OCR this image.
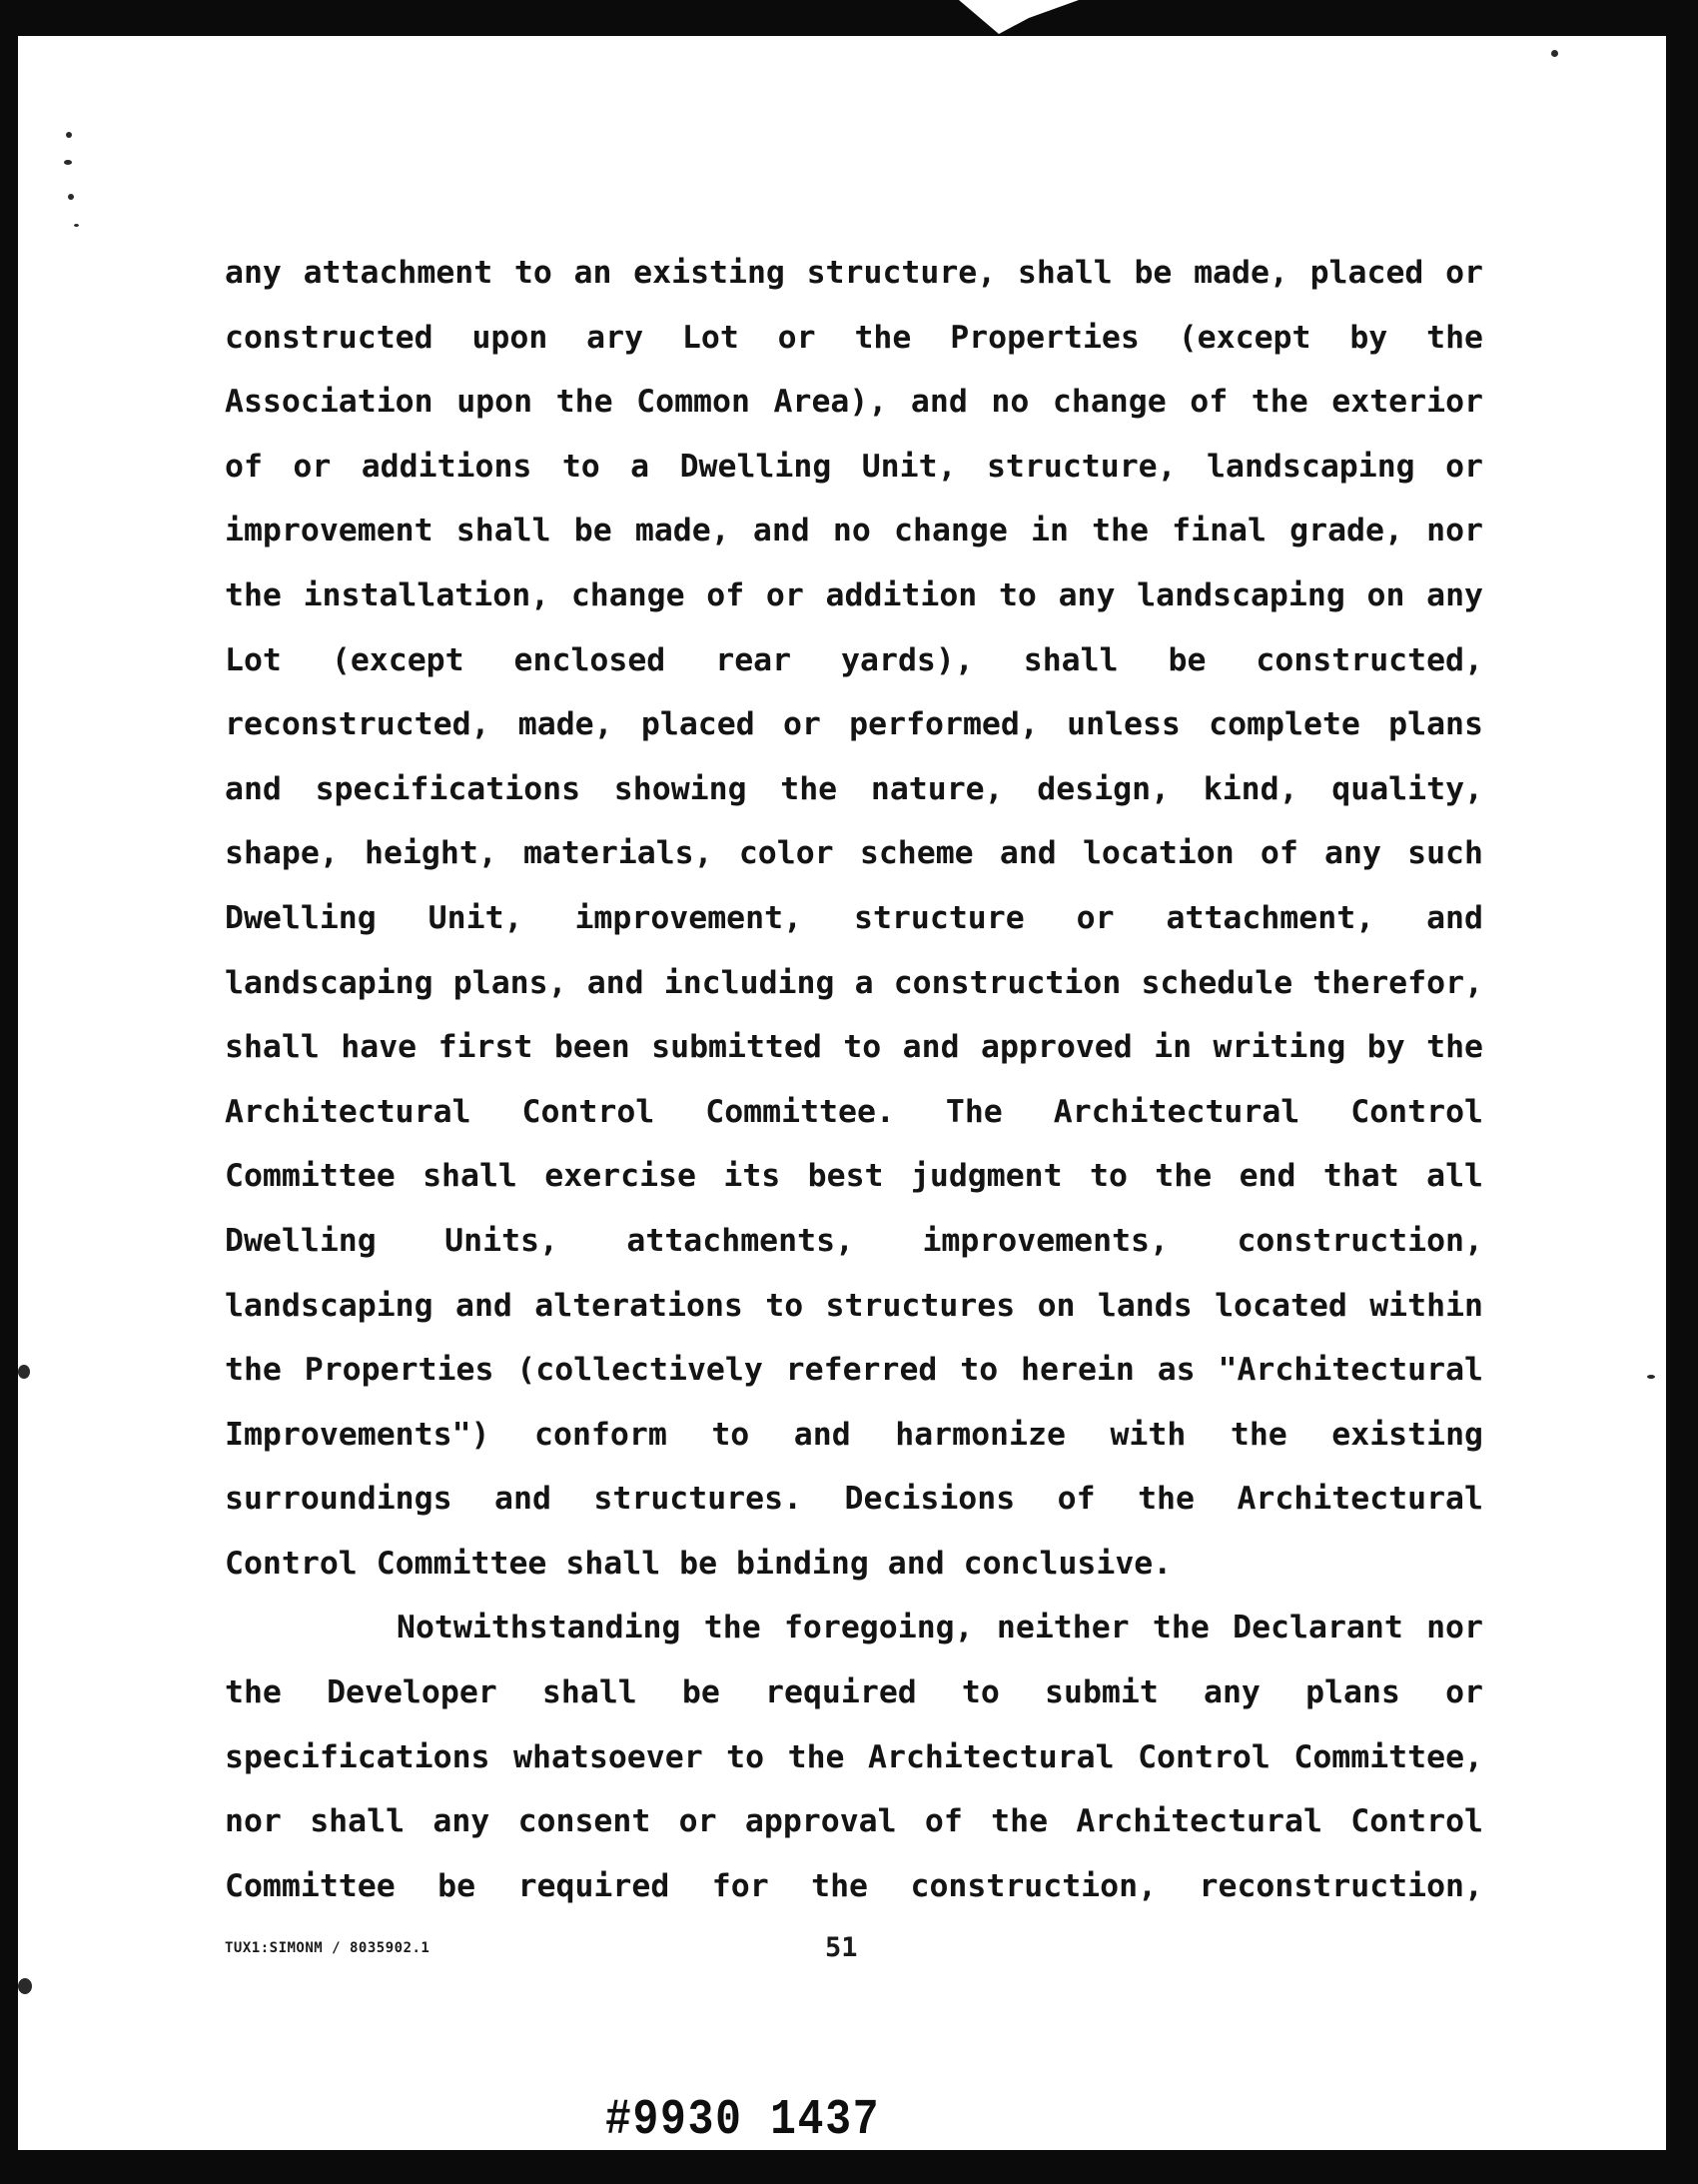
any attachment to an existing structure, shall be made, placed or
constructed upon ary Lot or the Properties (except by the
Association upon the Common Area), and no change of the exterior
of or additions to a Dwelling Unit, structure, landscaping or
improvement shall be made, and no change in the final grade, nor
the installation, change of or addition to any landscaping on any
Lot (except enclosed rear yards), shall be constructed,
reconstructed, made, placed or performed, unless complete plans
and specifications showing the nature, design, kind, quality,
shape, height, materials, color scheme and location of any such
Dwelling Unit, improvement, structure or attachment, and
landscaping plans, and including a construction schedule therefor,
shall have first been submitted to and approved in writing by the
Architectural Control Committee. The Architectural Control
Committee shall exercise its best judgment to the end that all
Dwelling Units, attachments, improvements, construction,
landscaping and alterations to structures on lands located within
the Properties (collectively referred to herein as "Architectural
Improvements") conform to and harmonize with the existing
surroundings and structures. Decisions of the Architectural
Control Committee shall be binding and conclusive.
Notwithstanding the foregoing, neither the Declarant nor
the Developer shall be required to submit any plans or
specifications whatsoever to the Architectural Control Committee,
nor shall any consent or approval of the Architectural Control
Committee be required for the construction, reconstruction,
TUX1:SIMONM / 8035902.1	51
#9930 1437
